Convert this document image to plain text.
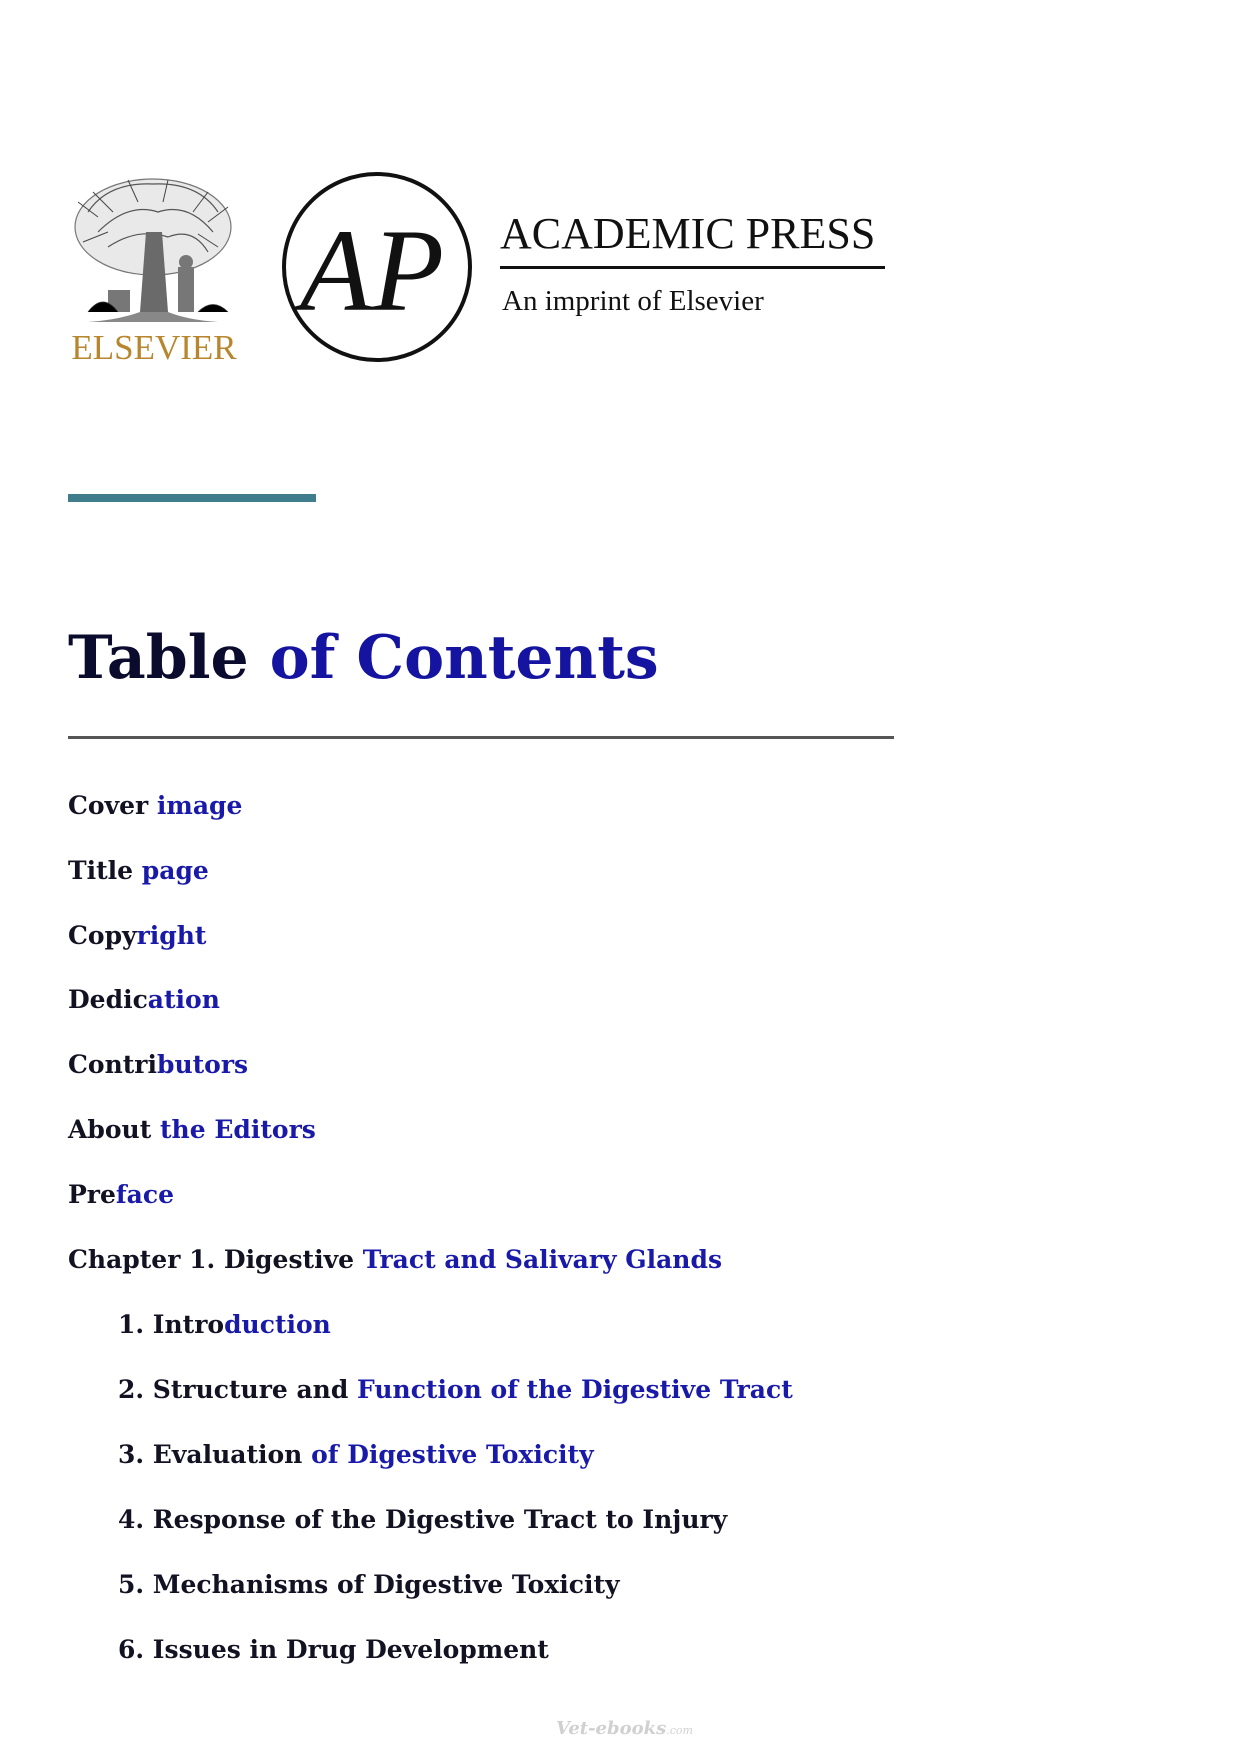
ELSEVIER
AP ACADEMIC PRESS
An imprint of Elsevier
Table of Contents
Cover image
Title page
Copyright
Dedication
Contributors
About the Editors
Preface
Chapter 1. Digestive Tract and Salivary Glands
1. Introduction
2. Structure and Function of the Digestive Tract
3. Evaluation of Digestive Toxicity
4. Response of the Digestive Tract to Injury
5. Mechanisms of Digestive Toxicity
6. Issues in Drug Development
Vet-ebooks.com
